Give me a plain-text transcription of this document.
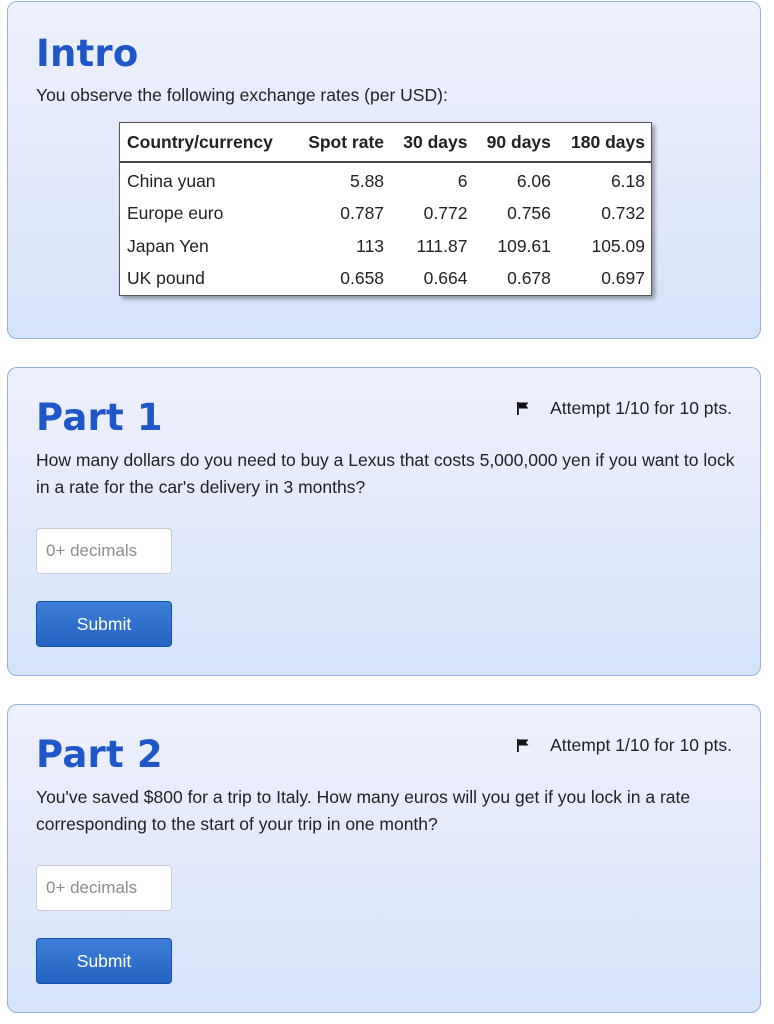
Intro

You observe the following exchange rates (per USD):

Country/currency	Spot rate	30 days	90 days	180 days
China yuan	5.88	6	6.06	6.18
Europe euro	0.787	0.772	0.756	0.732
Japan Yen	113	111.87	109.61	105.09
UK pound	0.658	0.664	0.678	0.697
Part 1	Attempt 1/10 for 10 pts.

How many dollars do you need to buy a Lexus that costs 5,000,000 yen if you want to lock in a rate for the car's delivery in 3 months?

0+ decimals
Submit
Part 2	Attempt 1/10 for 10 pts.

You've saved $800 for a trip to Italy. How many euros will you get if you lock in a rate corresponding to the start of your trip in one month?

0+ decimals
Submit
